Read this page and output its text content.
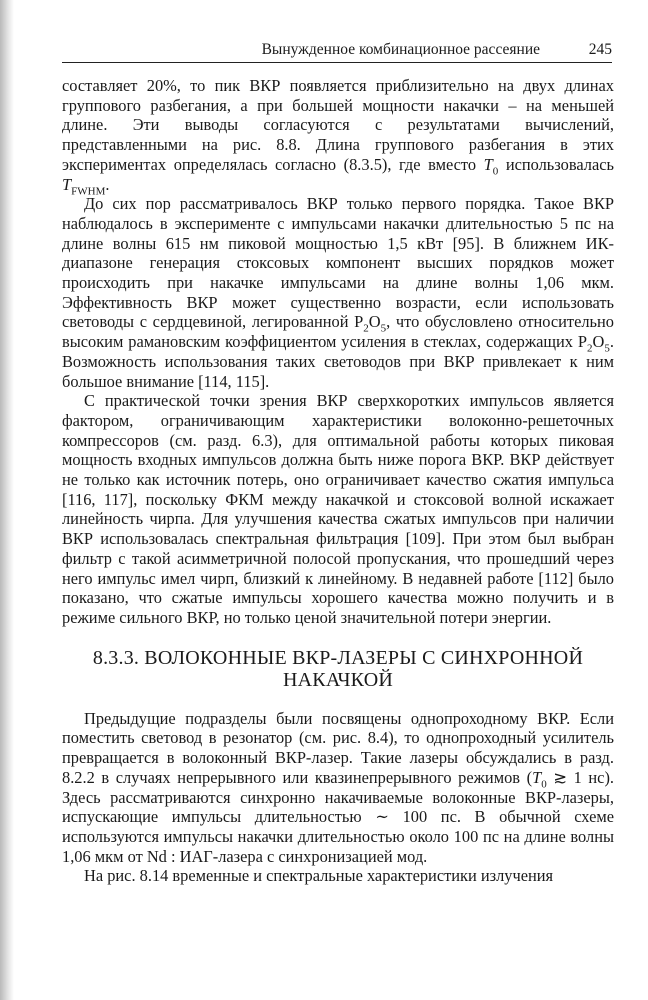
Вынужденное комбинационное рассеяние	245

составляет 20%, то пик ВКР появляется приблизительно на двух длинах группового разбегания, а при большей мощности накачки – на меньшей длине. Эти выводы согласуются с результатами вычислений, представленными на рис. 8.8. Длина группового разбегания в этих экспериментах определялась согласно (8.3.5), где вместо $T_0$ использовалась $T_{FWHM}$.

До сих пор рассматривалось ВКР только первого порядка. Такое ВКР наблюдалось в эксперименте с импульсами накачки длительностью 5 пс на длине волны 615 нм пиковой мощностью 1,5 кВт [95]. В ближнем ИК-диапазоне генерация стоксовых компонент высших порядков может происходить при накачке импульсами на длине волны 1,06 мкм. Эффективность ВКР может существенно возрасти, если использовать световоды с сердцевиной, легированной $P_2O_5$, что обусловлено относительно высоким рамановским коэффициентом усиления в стеклах, содержащих $P_2O_5$. Возможность использования таких световодов при ВКР привлекает к ним большое внимание [114, 115].

С практической точки зрения ВКР сверхкоротких импульсов является фактором, ограничивающим характеристики волоконно-решеточных компрессоров (см. разд. 6.3), для оптимальной работы которых пиковая мощность входных импульсов должна быть ниже порога ВКР. ВКР действует не только как источник потерь, оно ограничивает качество сжатия импульса [116, 117], поскольку ФКМ между накачкой и стоксовой волной искажает линейность чирпа. Для улучшения качества сжатых импульсов при наличии ВКР использовалась спектральная фильтрация [109]. При этом был выбран фильтр с такой асимметричной полосой пропускания, что прошедший через него импульс имел чирп, близкий к линейному. В недавней работе [112] было показано, что сжатые импульсы хорошего качества можно получить и в режиме сильного ВКР, но только ценой значительной потери энергии.

8.3.3. ВОЛОКОННЫЕ ВКР-ЛАЗЕРЫ С СИНХРОННОЙ
НАКАЧКОЙ

Предыдущие подразделы были посвящены однопроходному ВКР. Если поместить световод в резонатор (см. рис. 8.4), то однопроходный усилитель превращается в волоконный ВКР-лазер. Такие лазеры обсуждались в разд. 8.2.2 в случаях непрерывного или квазинепрерывного режимов ($T_0$ ≳ 1 нс). Здесь рассматриваются синхронно накачиваемые волоконные ВКР-лазеры, испускающие импульсы длительностью ∼ 100 пс. В обычной схеме используются импульсы накачки длительностью около 100 пс на длине волны 1,06 мкм от Nd : ИАГ-лазера с синхронизацией мод.

На рис. 8.14 временные и спектральные характеристики излучения
